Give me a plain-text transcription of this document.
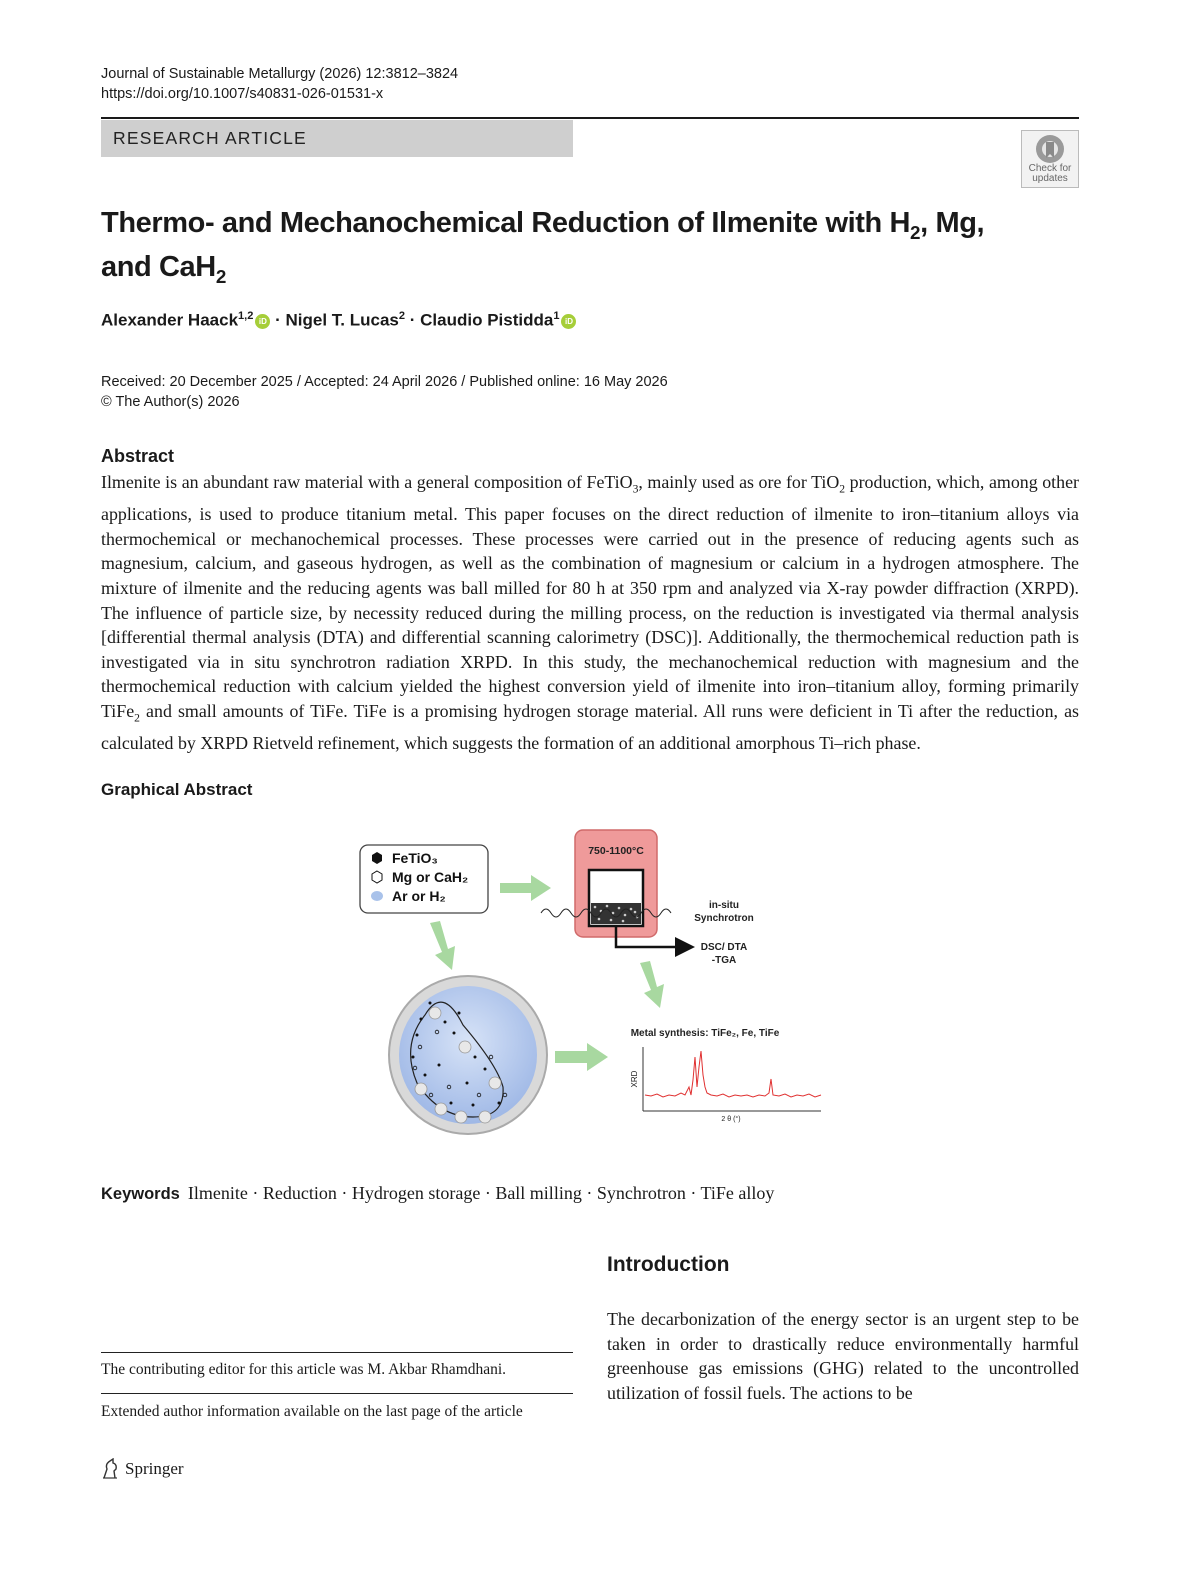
Journal of Sustainable Metallurgy (2026) 12:3812–3824
https://doi.org/10.1007/s40831-026-01531-x
RESEARCH ARTICLE
Check for
updates
Thermo- and Mechanochemical Reduction of Ilmenite with $H_2$, Mg,
and CaH$_2$
Alexander Haack$^{1,2}$ iD · Nigel T. Lucas$^2$ · Claudio Pistidda$^1$ iD
Received: 20 December 2025 / Accepted: 24 April 2026 / Published online: 16 May 2026
© The Author(s) 2026
Abstract
Ilmenite is an abundant raw material with a general composition of FeTiO$_3$, mainly used as ore for TiO$_2$ production, which, among other applications, is used to produce titanium metal. This paper focuses on the direct reduction of ilmenite to iron–titanium alloys via thermochemical or mechanochemical processes. These processes were carried out in the presence of reducing agents such as magnesium, calcium, and gaseous hydrogen, as well as the combination of magnesium or calcium in a hydrogen atmosphere. The mixture of ilmenite and the reducing agents was ball milled for 80 h at 350 rpm and analyzed via X-ray powder diffraction (XRPD). The influence of particle size, by necessity reduced during the milling process, on the reduction is investigated via thermal analysis [differential thermal analysis (DTA) and differential scanning calorimetry (DSC)]. Additionally, the thermochemical reduction path is investigated via in situ synchrotron radiation XRPD. In this study, the mechanochemical reduction with magnesium and the thermochemical reduction with calcium yielded the highest conversion yield of ilmenite into iron–titanium alloy, forming primarily TiFe$_2$ and small amounts of TiFe. TiFe is a promising hydrogen storage material. All runs were deficient in Ti after the reduction, as calculated by XRPD Rietveld refinement, which suggests the formation of an additional amorphous Ti–rich phase.
Graphical Abstract
FeTiO₃
Mg or CaH₂
Ar or H₂
750-1100°C
in-situ
Synchrotron
DSC/ DTA
-TGA
Metal synthesis: TiFe₂, Fe, TiFe
XRD
2 θ (°)
Keywords Ilmenite · Reduction · Hydrogen storage · Ball milling · Synchrotron · TiFe alloy
Introduction
The decarbonization of the energy sector is an urgent step to be taken in order to drastically reduce environmentally harmful greenhouse gas emissions (GHG) related to the uncontrolled utilization of fossil fuels. The actions to be
The contributing editor for this article was M. Akbar Rhamdhani.
Extended author information available on the last page of the article
Springer
